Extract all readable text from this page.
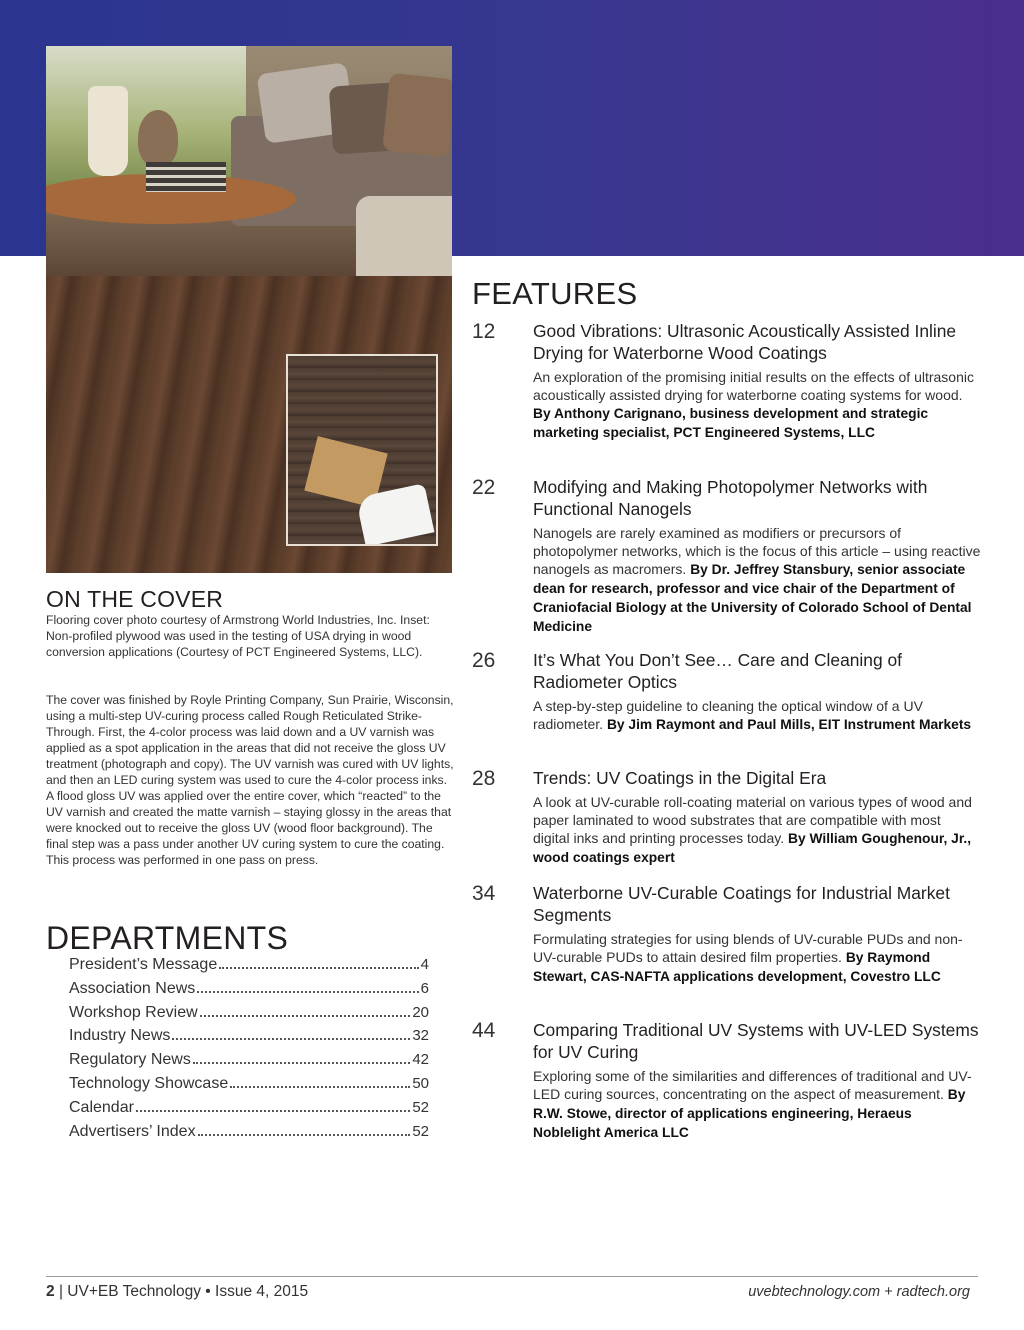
ON THE COVER

Flooring cover photo courtesy of Armstrong World Industries, Inc. Inset: Non-profiled plywood was used in the testing of USA drying in wood conversion applications (Courtesy of PCT Engineered Systems, LLC).

The cover was finished by Royle Printing Company, Sun Prairie, Wisconsin, using a multi-step UV-curing process called Rough Reticulated Strike-Through. First, the 4-color process was laid down and a UV varnish was applied as a spot application in the areas that did not receive the gloss UV treatment (photograph and copy). The UV varnish was cured with UV lights, and then an LED curing system was used to cure the 4-color process inks. A flood gloss UV was applied over the entire cover, which “reacted” to the UV varnish and created the matte varnish – staying glossy in the areas that were knocked out to receive the gloss UV (wood floor background). The final step was a pass under another UV curing system to cure the coating. This process was performed in one pass on press.

DEPARTMENTS
President’s Message	4
Association News	6
Workshop Review	20
Industry News	32
Regulatory News	42
Technology Showcase	50
Calendar	52
Advertisers’ Index	52
FEATURES
12	Good Vibrations: Ultrasonic Acoustically Assisted Inline Drying for Waterborne Wood Coatings

An exploration of the promising initial results on the effects of ultrasonic acoustically assisted drying for waterborne coating systems for wood. By Anthony Carignano, business development and strategic marketing specialist, PCT Engineered Systems, LLC

22	Modifying and Making Photopolymer Networks with Functional Nanogels

Nanogels are rarely examined as modifiers or precursors of photopolymer networks, which is the focus of this article – using reactive nanogels as macromers. By Dr. Jeffrey Stansbury, senior associate dean for research, professor and vice chair of the Department of Craniofacial Biology at the University of Colorado School of Dental Medicine

26	It’s What You Don’t See… Care and Cleaning of Radiometer Optics

A step-by-step guideline to cleaning the optical window of a UV radiometer. By Jim Raymont and Paul Mills, EIT Instrument Markets

28	Trends: UV Coatings in the Digital Era

A look at UV-curable roll-coating material on various types of wood and paper laminated to wood substrates that are compatible with most digital inks and printing processes today. By William Goughenour, Jr., wood coatings expert

34	Waterborne UV-Curable Coatings for Industrial Market Segments

Formulating strategies for using blends of UV-curable PUDs and non-UV-curable PUDs to attain desired film properties. By Raymond Stewart, CAS-NAFTA applications development, Covestro LLC

44	Comparing Traditional UV Systems with UV-LED Systems for UV Curing

Exploring some of the similarities and differences of traditional and UV-LED curing sources, concentrating on the aspect of measurement. By R.W. Stowe, director of applications engineering, Heraeus Noblelight America LLC

2 | UV+EB Technology • Issue 4, 2015	uvebtechnology.com + radtech.org
